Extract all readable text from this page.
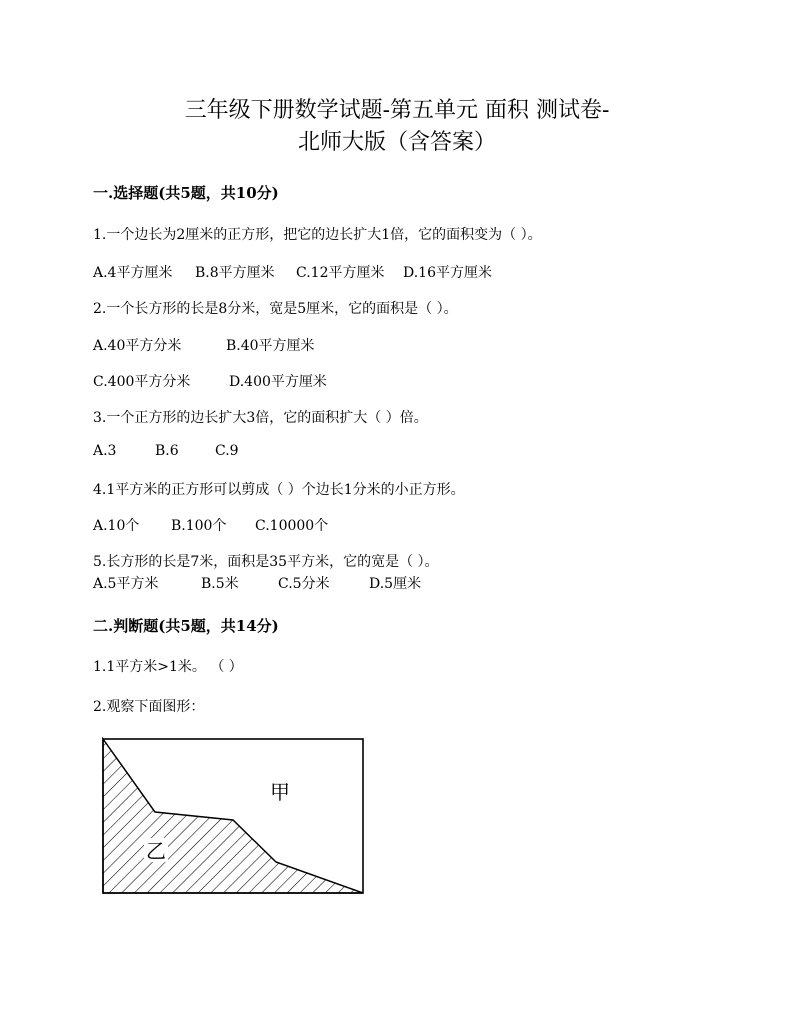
三年级下册数学试题-第五单元 面积 测试卷-
北师大版（含答案）
一.选择题(共5题，共10分)
1.一个边长为2厘米的正方形，把它的边长扩大1倍，它的面积变为（ ）。
A.4平方厘米 B.8平方厘米 C.12平方厘米 D.16平方厘米
2.一个长方形的长是8分米，宽是5厘米，它的面积是（ ）。
A.40平方分米	B.40平方厘米
C.400平方分米	D.400平方厘米
3.一个正方形的边长扩大3倍，它的面积扩大（ ）倍。
A.3	B.6	C.9
4.1平方米的正方形可以剪成（ ）个边长1分米的小正方形。
A.10个 B.100个 C.10000个
5.长方形的长是7米，面积是35平方米，它的宽是（ ）。
A.5平方米	B.5米	C.5分米	D.5厘米
二.判断题(共5题，共14分)
1.1平方米>1米。 （ ）
2.观察下面图形：
甲
乙
